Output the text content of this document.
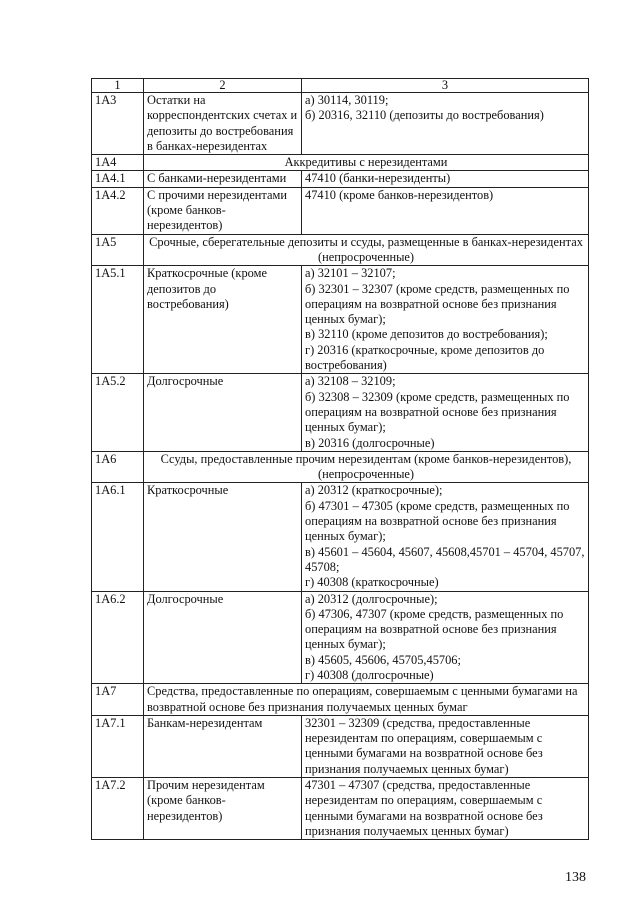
1	2	3
1А3	Остатки на корреспондентских счетах и депозиты до востребования в банках-нерезидентах	а) 30114, 30119;
б) 20316, 32110 (депозиты до востребования)
1А4	Аккредитивы с нерезидентами	
1А4.1	С банками-нерезидентами	47410 (банки-нерезиденты)
1А4.2	С прочими нерезидентами (кроме банков-нерезидентов)	47410 (кроме банков-нерезидентов)
1А5	Срочные, сберегательные депозиты и ссуды, размещенные в банках-нерезидентах (непросроченные)	
1А5.1	Краткосрочные (кроме депозитов до востребования)	а) 32101 – 32107;
б) 32301 – 32307 (кроме средств, размещенных по операциям на возвратной основе без признания ценных бумаг);
в) 32110 (кроме депозитов до востребования);
г) 20316 (краткосрочные, кроме депозитов до востребования)
1А5.2	Долгосрочные	а) 32108 – 32109;
б) 32308 – 32309 (кроме средств, размещенных по операциям на возвратной основе без признания ценных бумаг);
в) 20316 (долгосрочные)
1А6	Ссуды, предоставленные прочим нерезидентам (кроме банков-нерезидентов), (непросроченные)	
1А6.1	Краткосрочные	а) 20312 (краткосрочные);
б) 47301 – 47305 (кроме средств, размещенных по операциям на возвратной основе без признания ценных бумаг);
в) 45601 – 45604, 45607, 45608,45701 – 45704, 45707, 45708;
г) 40308 (краткосрочные)
1А6.2	Долгосрочные	а) 20312 (долгосрочные);
б) 47306, 47307 (кроме средств, размещенных по операциям на возвратной основе без признания ценных бумаг);
в) 45605, 45606, 45705,45706;
г) 40308 (долгосрочные)
1А7	Средства, предоставленные по операциям, совершаемым с ценными бумагами на возвратной основе без признания получаемых ценных бумаг	
1А7.1	Банкам-нерезидентам	32301 – 32309 (средства, предоставленные нерезидентам по операциям, совершаемым с ценными бумагами на возвратной основе без признания получаемых ценных бумаг)
1А7.2	Прочим нерезидентам (кроме банков-нерезидентов)	47301 – 47307 (средства, предоставленные нерезидентам по операциям, совершаемым с ценными бумагами на возвратной основе без признания получаемых ценных бумаг)
138
